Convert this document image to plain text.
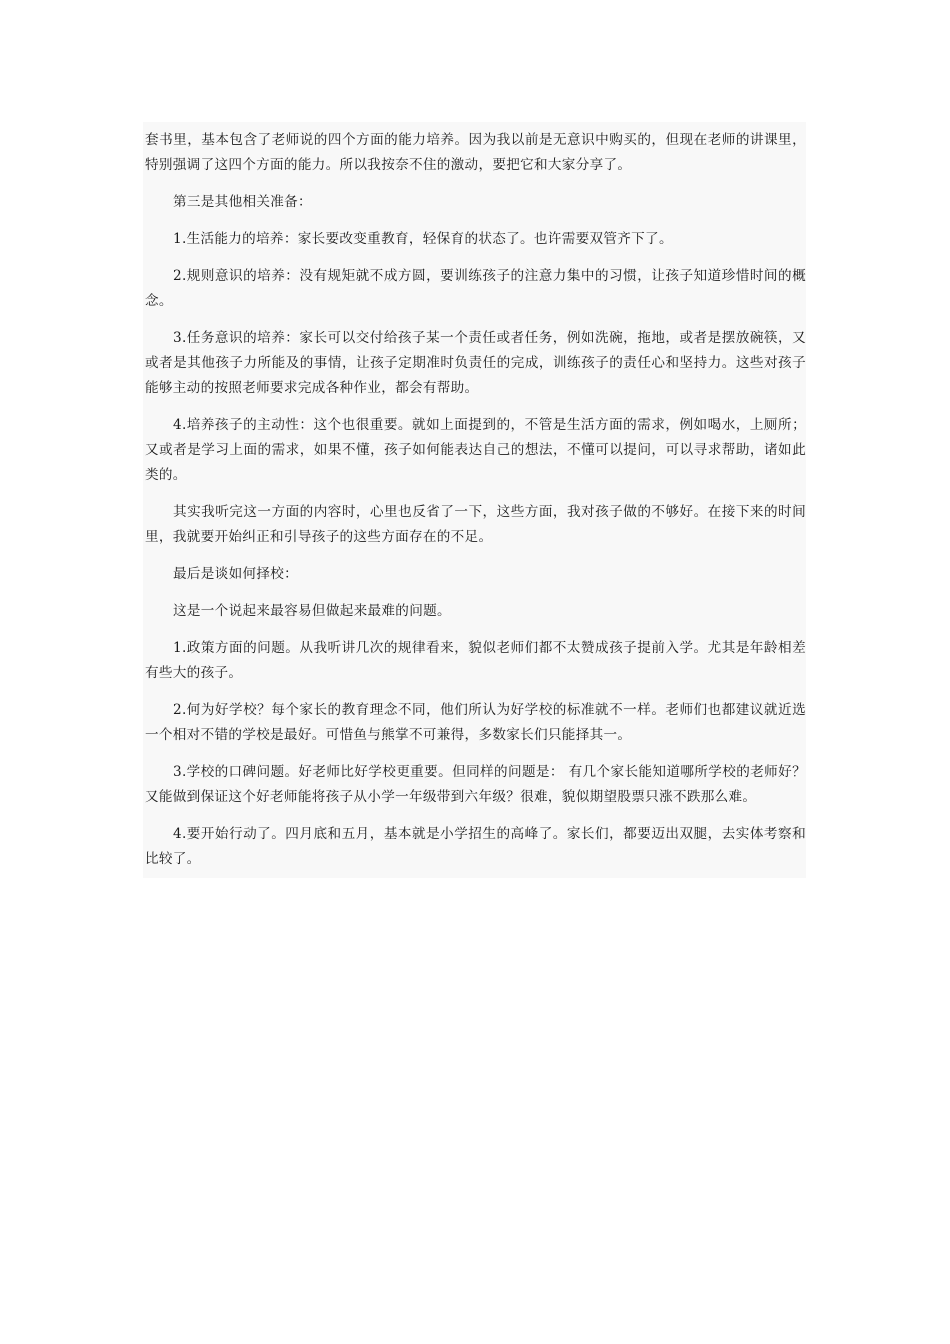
套书里，基本包含了老师说的四个方面的能力培养。因为我以前是无意识中购买的，但现在老师的讲课里，特别强调了这四个方面的能力。所以我按奈不住的激动，要把它和大家分享了。

第三是其他相关准备：

1.生活能力的培养：家长要改变重教育，轻保育的状态了。也许需要双管齐下了。

2.规则意识的培养：没有规矩就不成方圆，要训练孩子的注意力集中的习惯，让孩子知道珍惜时间的概念。

3.任务意识的培养：家长可以交付给孩子某一个责任或者任务，例如洗碗，拖地，或者是摆放碗筷，又或者是其他孩子力所能及的事情，让孩子定期准时负责任的完成，训练孩子的责任心和坚持力。这些对孩子能够主动的按照老师要求完成各种作业，都会有帮助。

4.培养孩子的主动性：这个也很重要。就如上面提到的，不管是生活方面的需求，例如喝水，上厕所；又或者是学习上面的需求，如果不懂，孩子如何能表达自己的想法，不懂可以提问，可以寻求帮助，诸如此类的。

其实我听完这一方面的内容时，心里也反省了一下，这些方面，我对孩子做的不够好。在接下来的时间里，我就要开始纠正和引导孩子的这些方面存在的不足。

最后是谈如何择校：

这是一个说起来最容易但做起来最难的问题。

1.政策方面的问题。从我听讲几次的规律看来，貌似老师们都不太赞成孩子提前入学。尤其是年龄相差有些大的孩子。

2.何为好学校？每个家长的教育理念不同，他们所认为好学校的标准就不一样。老师们也都建议就近选一个相对不错的学校是最好。可惜鱼与熊掌不可兼得，多数家长们只能择其一。

3.学校的口碑问题。好老师比好学校更重要。但同样的问题是： 有几个家长能知道哪所学校的老师好？ 又能做到保证这个好老师能将孩子从小学一年级带到六年级？很难，貌似期望股票只涨不跌那么难。

4.要开始行动了。四月底和五月，基本就是小学招生的高峰了。家长们，都要迈出双腿，去实体考察和比较了。
